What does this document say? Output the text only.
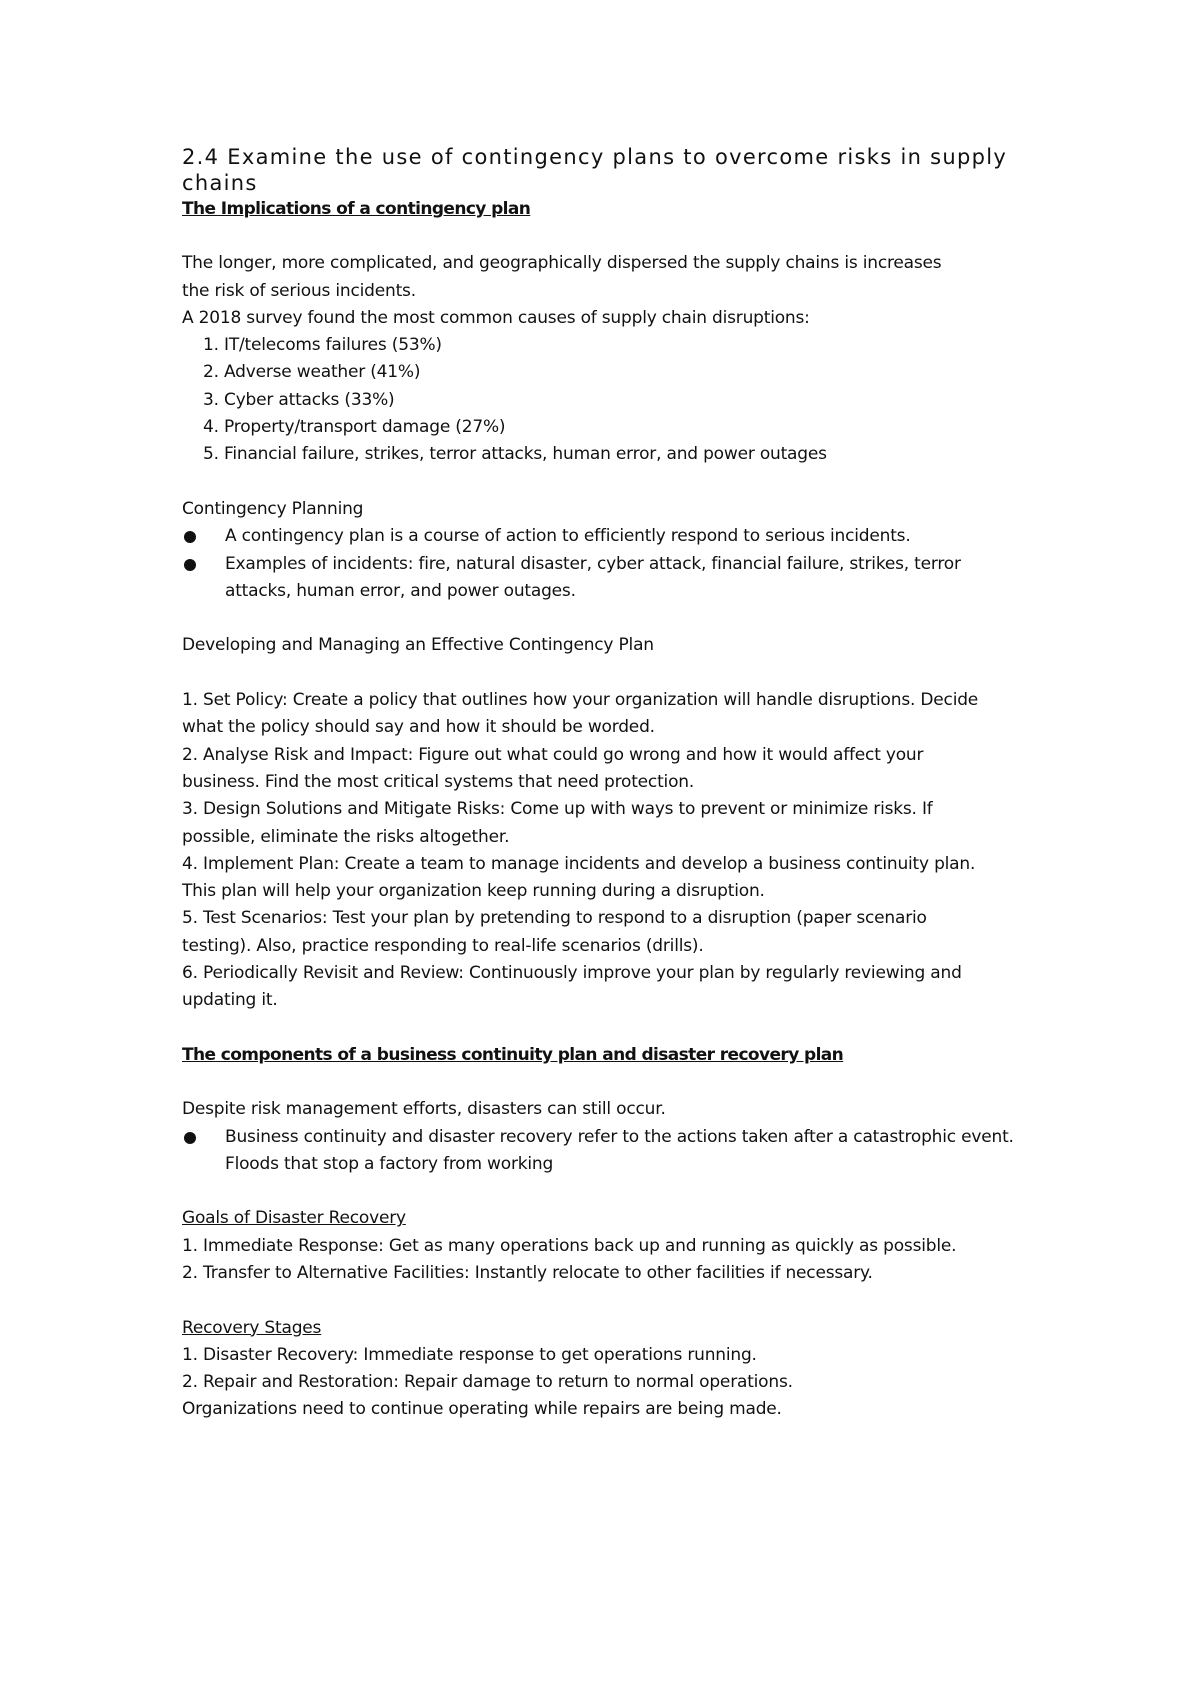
2.4 Examine the use of contingency plans to overcome risks in supply chains
The Implications of a contingency plan

The longer, more complicated, and geographically dispersed the supply chains is increases

the risk of serious incidents.

A 2018 survey found the most common causes of supply chain disruptions:

1. IT/telecoms failures (53%)
2. Adverse weather (41%)
3. Cyber attacks (33%)
4. Property/transport damage (27%)
5. Financial failure, strikes, terror attacks, human error, and power outages

Contingency Planning

A contingency plan is a course of action to efficiently respond to serious incidents.
Examples of incidents: fire, natural disaster, cyber attack, financial failure, strikes, terror attacks, human error, and power outages.

Developing and Managing an Effective Contingency Plan

1. Set Policy: Create a policy that outlines how your organization will handle disruptions. Decide what the policy should say and how it should be worded.

2. Analyse Risk and Impact: Figure out what could go wrong and how it would affect your business. Find the most critical systems that need protection.

3. Design Solutions and Mitigate Risks: Come up with ways to prevent or minimize risks. If possible, eliminate the risks altogether.

4. Implement Plan: Create a team to manage incidents and develop a business continuity plan. This plan will help your organization keep running during a disruption.

5. Test Scenarios: Test your plan by pretending to respond to a disruption (paper scenario testing). Also, practice responding to real-life scenarios (drills).

6. Periodically Revisit and Review: Continuously improve your plan by regularly reviewing and updating it.

The components of a business continuity plan and disaster recovery plan

Despite risk management efforts, disasters can still occur.

Business continuity and disaster recovery refer to the actions taken after a catastrophic event. Floods that stop a factory from working

Goals of Disaster Recovery

1. Immediate Response: Get as many operations back up and running as quickly as possible.

2. Transfer to Alternative Facilities: Instantly relocate to other facilities if necessary.

Recovery Stages

1. Disaster Recovery: Immediate response to get operations running.

2. Repair and Restoration: Repair damage to return to normal operations.

Organizations need to continue operating while repairs are being made.
